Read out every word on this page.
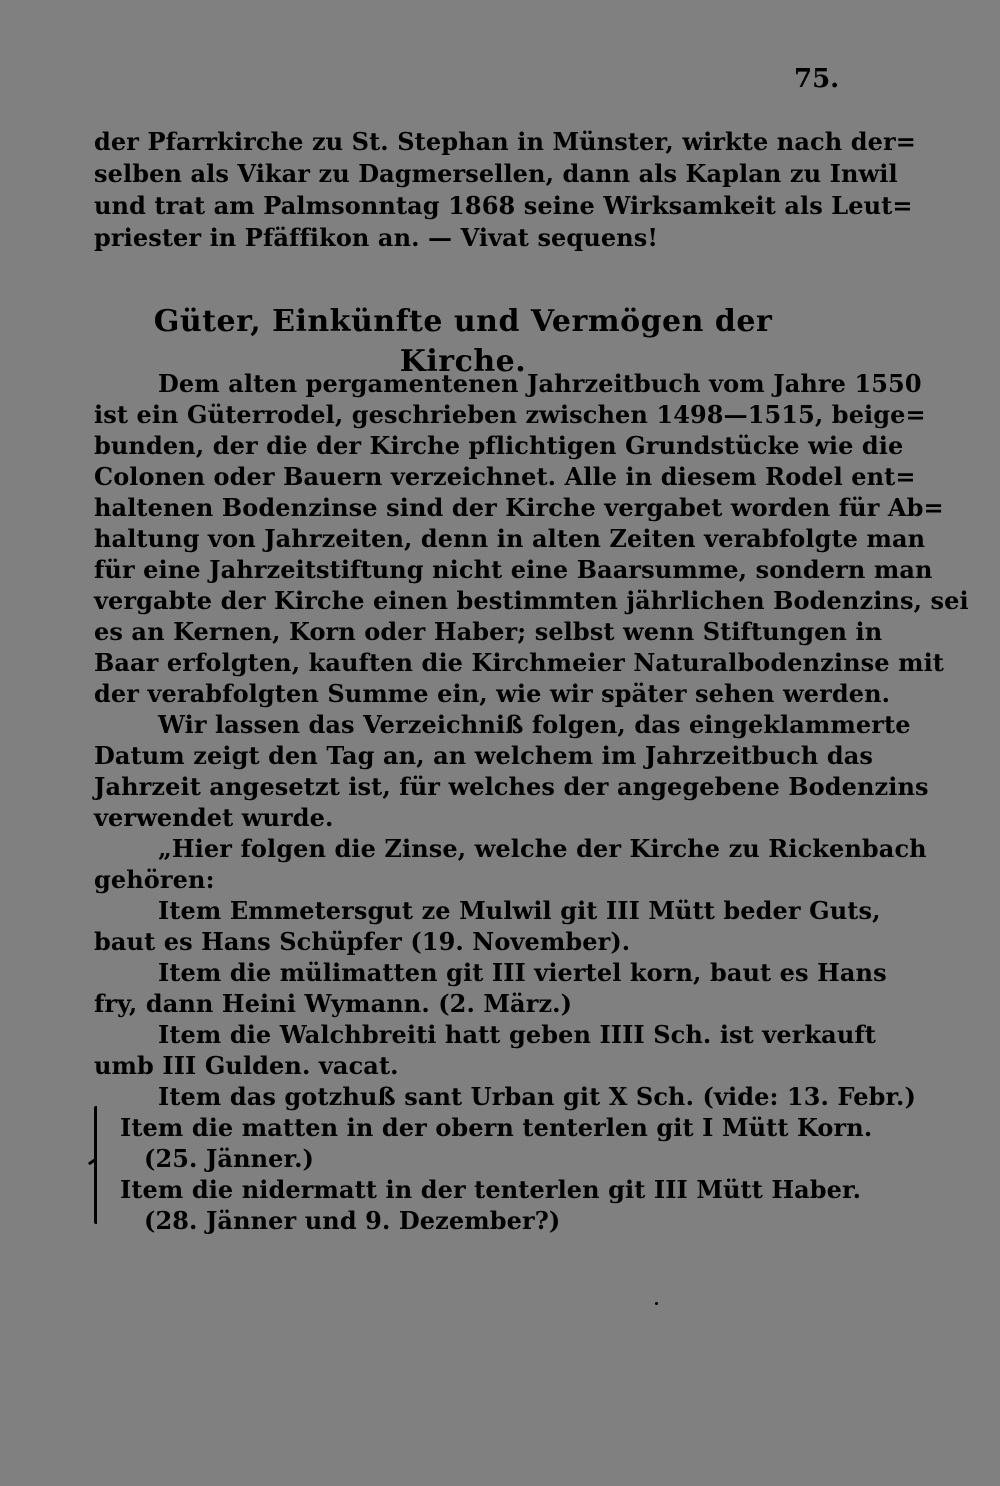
75.
der Pfarrkirche zu St. Stephan in Münster, wirkte nach der=
selben als Vikar zu Dagmersellen, dann als Kaplan zu Inwil
und trat am Palmsonntag 1868 seine Wirksamkeit als Leut=
priester in Pfäffikon an. — Vivat sequens!
Güter, Einkünfte und Vermögen der Kirche.
Dem alten pergamentenen Jahrzeitbuch vom Jahre 1550
ist ein Güterrodel, geschrieben zwischen 1498—1515, beige=
bunden, der die der Kirche pflichtigen Grundstücke wie die
Colonen oder Bauern verzeichnet. Alle in diesem Rodel ent=
haltenen Bodenzinse sind der Kirche vergabet worden für Ab=
haltung von Jahrzeiten, denn in alten Zeiten verabfolgte man
für eine Jahrzeitstiftung nicht eine Baarsumme, sondern man
vergabte der Kirche einen bestimmten jährlichen Bodenzins, sei
es an Kernen, Korn oder Haber; selbst wenn Stiftungen in
Baar erfolgten, kauften die Kirchmeier Naturalbodenzinse mit
der verabfolgten Summe ein, wie wir später sehen werden.
Wir lassen das Verzeichniß folgen, das eingeklammerte
Datum zeigt den Tag an, an welchem im Jahrzeitbuch das
Jahrzeit angesetzt ist, für welches der angegebene Bodenzins
verwendet wurde.
„Hier folgen die Zinse, welche der Kirche zu Rickenbach
gehören:
Item Emmetersgut ze Mulwil git III Mütt beder Guts,
baut es Hans Schüpfer (19. November).
Item die mülimatten git III viertel korn, baut es Hans
fry, dann Heini Wymann. (2. März.)
Item die Walchbreiti hatt geben IIII Sch. ist verkauft
umb III Gulden. vacat.
Item das gotzhuß sant Urban git X Sch. (vide: 13. Febr.)
Item die matten in der obern tenterlen git I Mütt Korn.
(25. Jänner.)
Item die nidermatt in der tenterlen git III Mütt Haber.
(28. Jänner und 9. Dezember?)
